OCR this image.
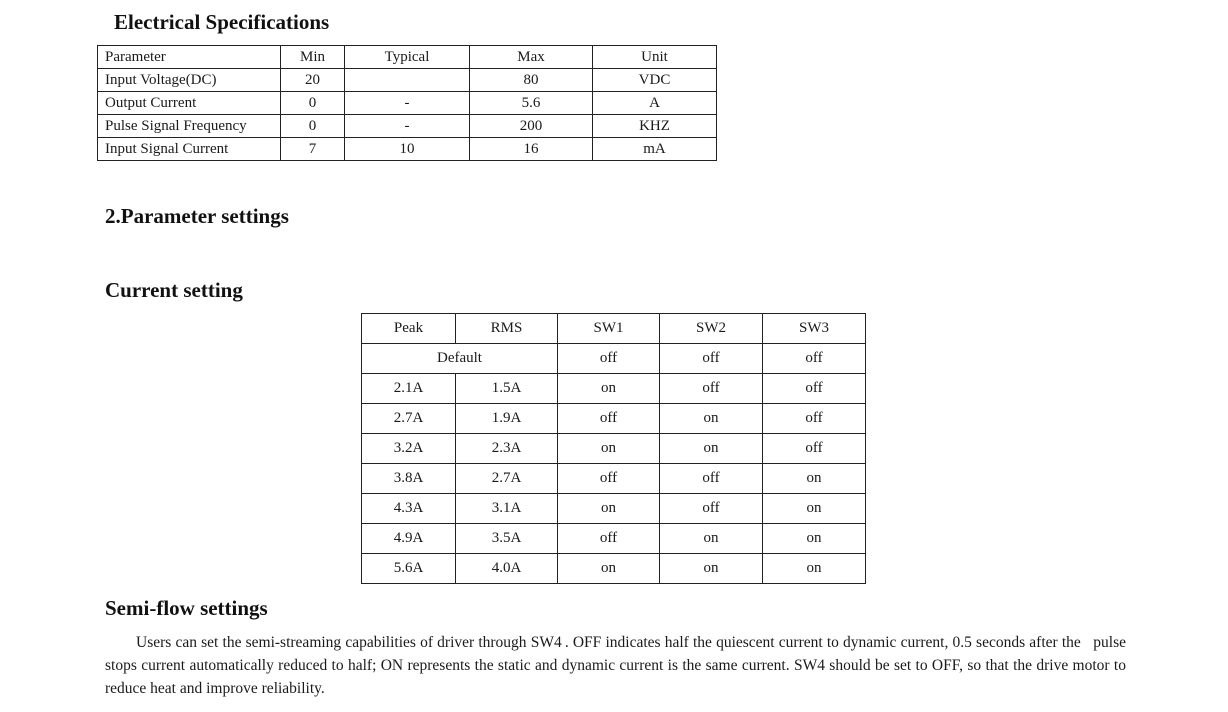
Electrical Specifications
Parameter	Min	Typical	Max	Unit
Input Voltage(DC)	20		80	VDC
Output Current	0	-	5.6	A
Pulse Signal Frequency	0	-	200	KHZ
Input Signal Current	7	10	16	mA
2.Parameter settings
Current setting
Peak	RMS	SW1	SW2	SW3
Default		off	off	off
2.1A	1.5A	on	off	off
2.7A	1.9A	off	on	off
3.2A	2.3A	on	on	off
3.8A	2.7A	off	off	on
4.3A	3.1A	on	off	on
4.9A	3.5A	off	on	on
5.6A	4.0A	on	on	on
Semi-flow settings

Users can set the semi-streaming capabilities of driver through SW4 . OFF indicates half the quiescent current to dynamic current, 0.5 seconds after the   pulse stops current automatically reduced to half; ON represents the static and dynamic current is the same current. SW4 should be set to OFF, so that the drive motor to reduce heat and improve reliability.
